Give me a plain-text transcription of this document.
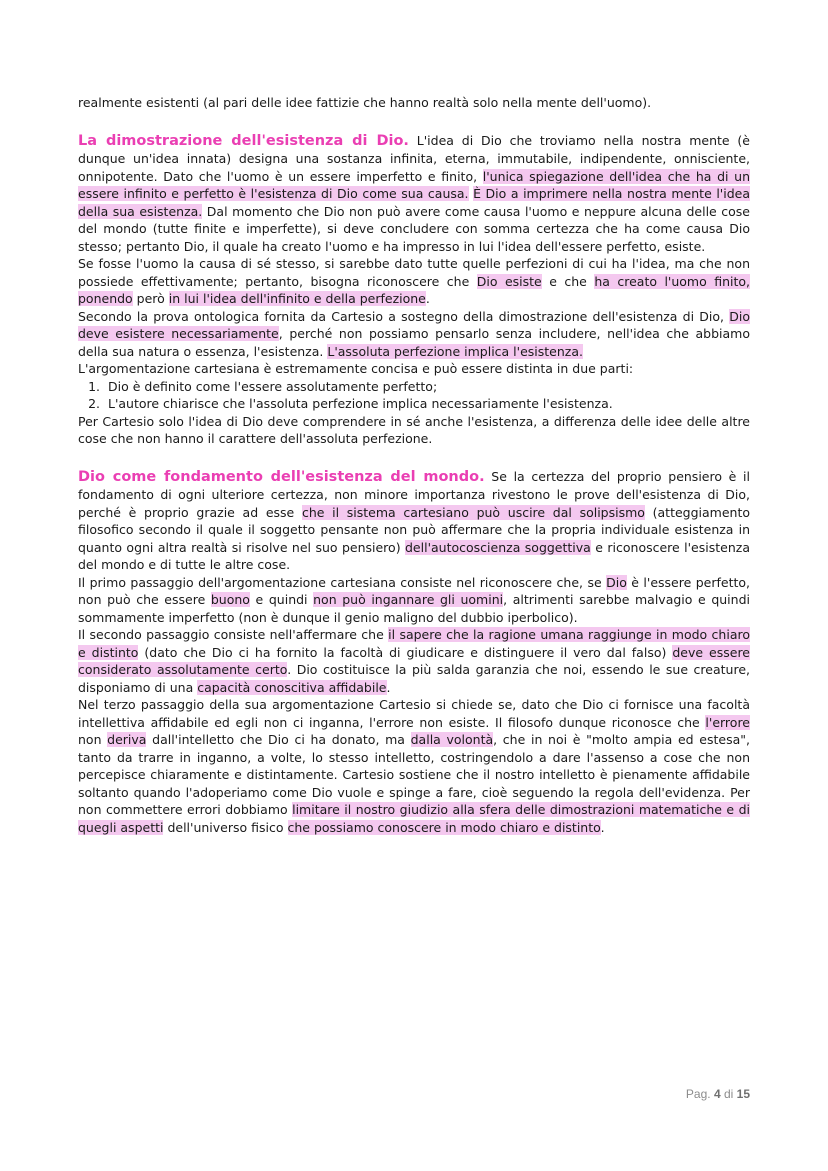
realmente esistenti (al pari delle idee fattizie che hanno realtà solo nella mente dell'uomo).

La dimostrazione dell'esistenza di Dio. L'idea di Dio che troviamo nella nostra mente (è dunque un'idea innata) designa una sostanza infinita, eterna, immutabile, indipendente, onnisciente, onnipotente. Dato che l'uomo è un essere imperfetto e finito, l'unica spiegazione dell'idea che ha di un essere infinito e perfetto è l'esistenza di Dio come sua causa. È Dio a imprimere nella nostra mente l'idea della sua esistenza. Dal momento che Dio non può avere come causa l'uomo e neppure alcuna delle cose del mondo (tutte finite e imperfette), si deve concludere con somma certezza che ha come causa Dio stesso; pertanto Dio, il quale ha creato l'uomo e ha impresso in lui l'idea dell'essere perfetto, esiste.

Se fosse l'uomo la causa di sé stesso, si sarebbe dato tutte quelle perfezioni di cui ha l'idea, ma che non possiede effettivamente; pertanto, bisogna riconoscere che Dio esiste e che ha creato l'uomo finito, ponendo però in lui l'idea dell'infinito e della perfezione.

Secondo la prova ontologica fornita da Cartesio a sostegno della dimostrazione dell'esistenza di Dio, Dio deve esistere necessariamente, perché non possiamo pensarlo senza includere, nell'idea che abbiamo della sua natura o essenza, l'esistenza. L'assoluta perfezione implica l'esistenza.

L'argomentazione cartesiana è estremamente concisa e può essere distinta in due parti:

1. Dio è definito come l'essere assolutamente perfetto;
2. L'autore chiarisce che l'assoluta perfezione implica necessariamente l'esistenza.

Per Cartesio solo l'idea di Dio deve comprendere in sé anche l'esistenza, a differenza delle idee delle altre cose che non hanno il carattere dell'assoluta perfezione.

Dio come fondamento dell'esistenza del mondo. Se la certezza del proprio pensiero è il fondamento di ogni ulteriore certezza, non minore importanza rivestono le prove dell'esistenza di Dio, perché è proprio grazie ad esse che il sistema cartesiano può uscire dal solipsismo (atteggiamento filosofico secondo il quale il soggetto pensante non può affermare che la propria individuale esistenza in quanto ogni altra realtà si risolve nel suo pensiero) dell'autocoscienza soggettiva e riconoscere l'esistenza del mondo e di tutte le altre cose.

Il primo passaggio dell'argomentazione cartesiana consiste nel riconoscere che, se Dio è l'essere perfetto, non può che essere buono e quindi non può ingannare gli uomini, altrimenti sarebbe malvagio e quindi sommamente imperfetto (non è dunque il genio maligno del dubbio iperbolico).

Il secondo passaggio consiste nell'affermare che il sapere che la ragione umana raggiunge in modo chiaro e distinto (dato che Dio ci ha fornito la facoltà di giudicare e distinguere il vero dal falso) deve essere considerato assolutamente certo. Dio costituisce la più salda garanzia che noi, essendo le sue creature, disponiamo di una capacità conoscitiva affidabile.

Nel terzo passaggio della sua argomentazione Cartesio si chiede se, dato che Dio ci fornisce una facoltà intellettiva affidabile ed egli non ci inganna, l'errore non esiste. Il filosofo dunque riconosce che l'errore non deriva dall'intelletto che Dio ci ha donato, ma dalla volontà, che in noi è "molto ampia ed estesa", tanto da trarre in inganno, a volte, lo stesso intelletto, costringendolo a dare l'assenso a cose che non percepisce chiaramente e distintamente. Cartesio sostiene che il nostro intelletto è pienamente affidabile soltanto quando l'adoperiamo come Dio vuole e spinge a fare, cioè seguendo la regola dell'evidenza. Per non commettere errori dobbiamo limitare il nostro giudizio alla sfera delle dimostrazioni matematiche e di quegli aspetti dell'universo fisico che possiamo conoscere in modo chiaro e distinto.

Pag. 4 di 15
